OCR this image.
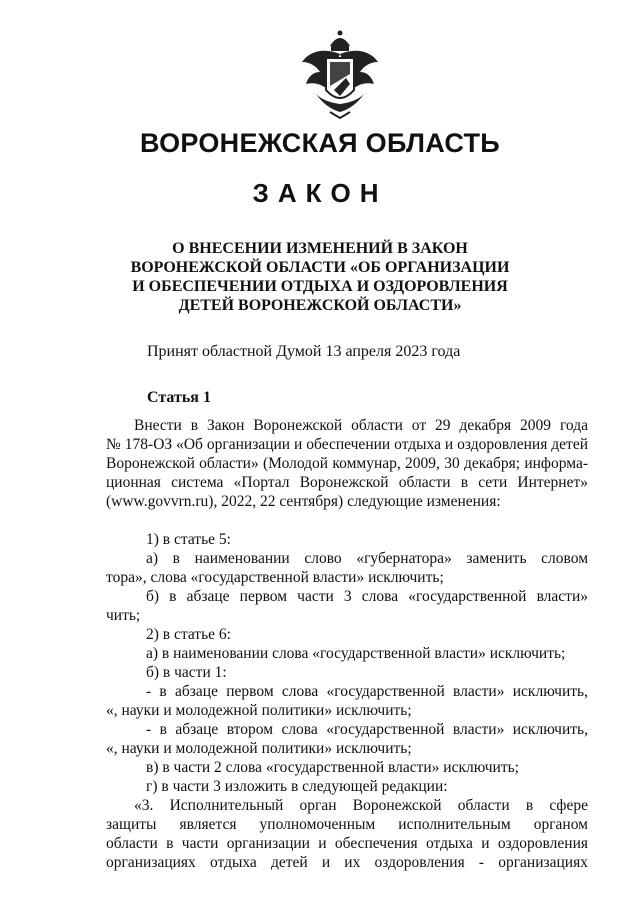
ВОРОНЕЖСКАЯ ОБЛАСТЬ
ЗАКОН
О ВНЕСЕНИИ ИЗМЕНЕНИЙ В ЗАКОН
ВОРОНЕЖСКОЙ ОБЛАСТИ «ОБ ОРГАНИЗАЦИИ
И ОБЕСПЕЧЕНИИ ОТДЫХА И ОЗДОРОВЛЕНИЯ
ДЕТЕЙ ВОРОНЕЖСКОЙ ОБЛАСТИ»
Принят областной Думой 13 апреля 2023 года
Статья 1
Внести в Закон Воронежской области от 29 декабря 2009 года
№ 178-ОЗ «Об организации и обеспечении отдыха и оздоровления детей
Воронежской области» (Молодой коммунар, 2009, 30 декабря; информа-
ционная система «Портал Воронежской области в сети Интернет»
(www.govvrn.ru), 2022, 22 сентября) следующие изменения:
1) в статье 5:
а) в наименовании слово «губернатора» заменить словом
тора», слова «государственной власти» исключить;
б) в абзаце первом части 3 слова «государственной власти»
чить;
2) в статье 6:
а) в наименовании слова «государственной власти» исключить;
б) в части 1:
- в абзаце первом слова «государственной власти» исключить,
«, науки и молодежной политики» исключить;
- в абзаце втором слова «государственной власти» исключить,
«, науки и молодежной политики» исключить;
в) в части 2 слова «государственной власти» исключить;
г) в части 3 изложить в следующей редакции:
«3. Исполнительный орган Воронежской области в сфере
защиты является уполномоченным исполнительным органом
области в части организации и обеспечения отдыха и оздоровления
организациях отдыха детей и их оздоровления - организациях
